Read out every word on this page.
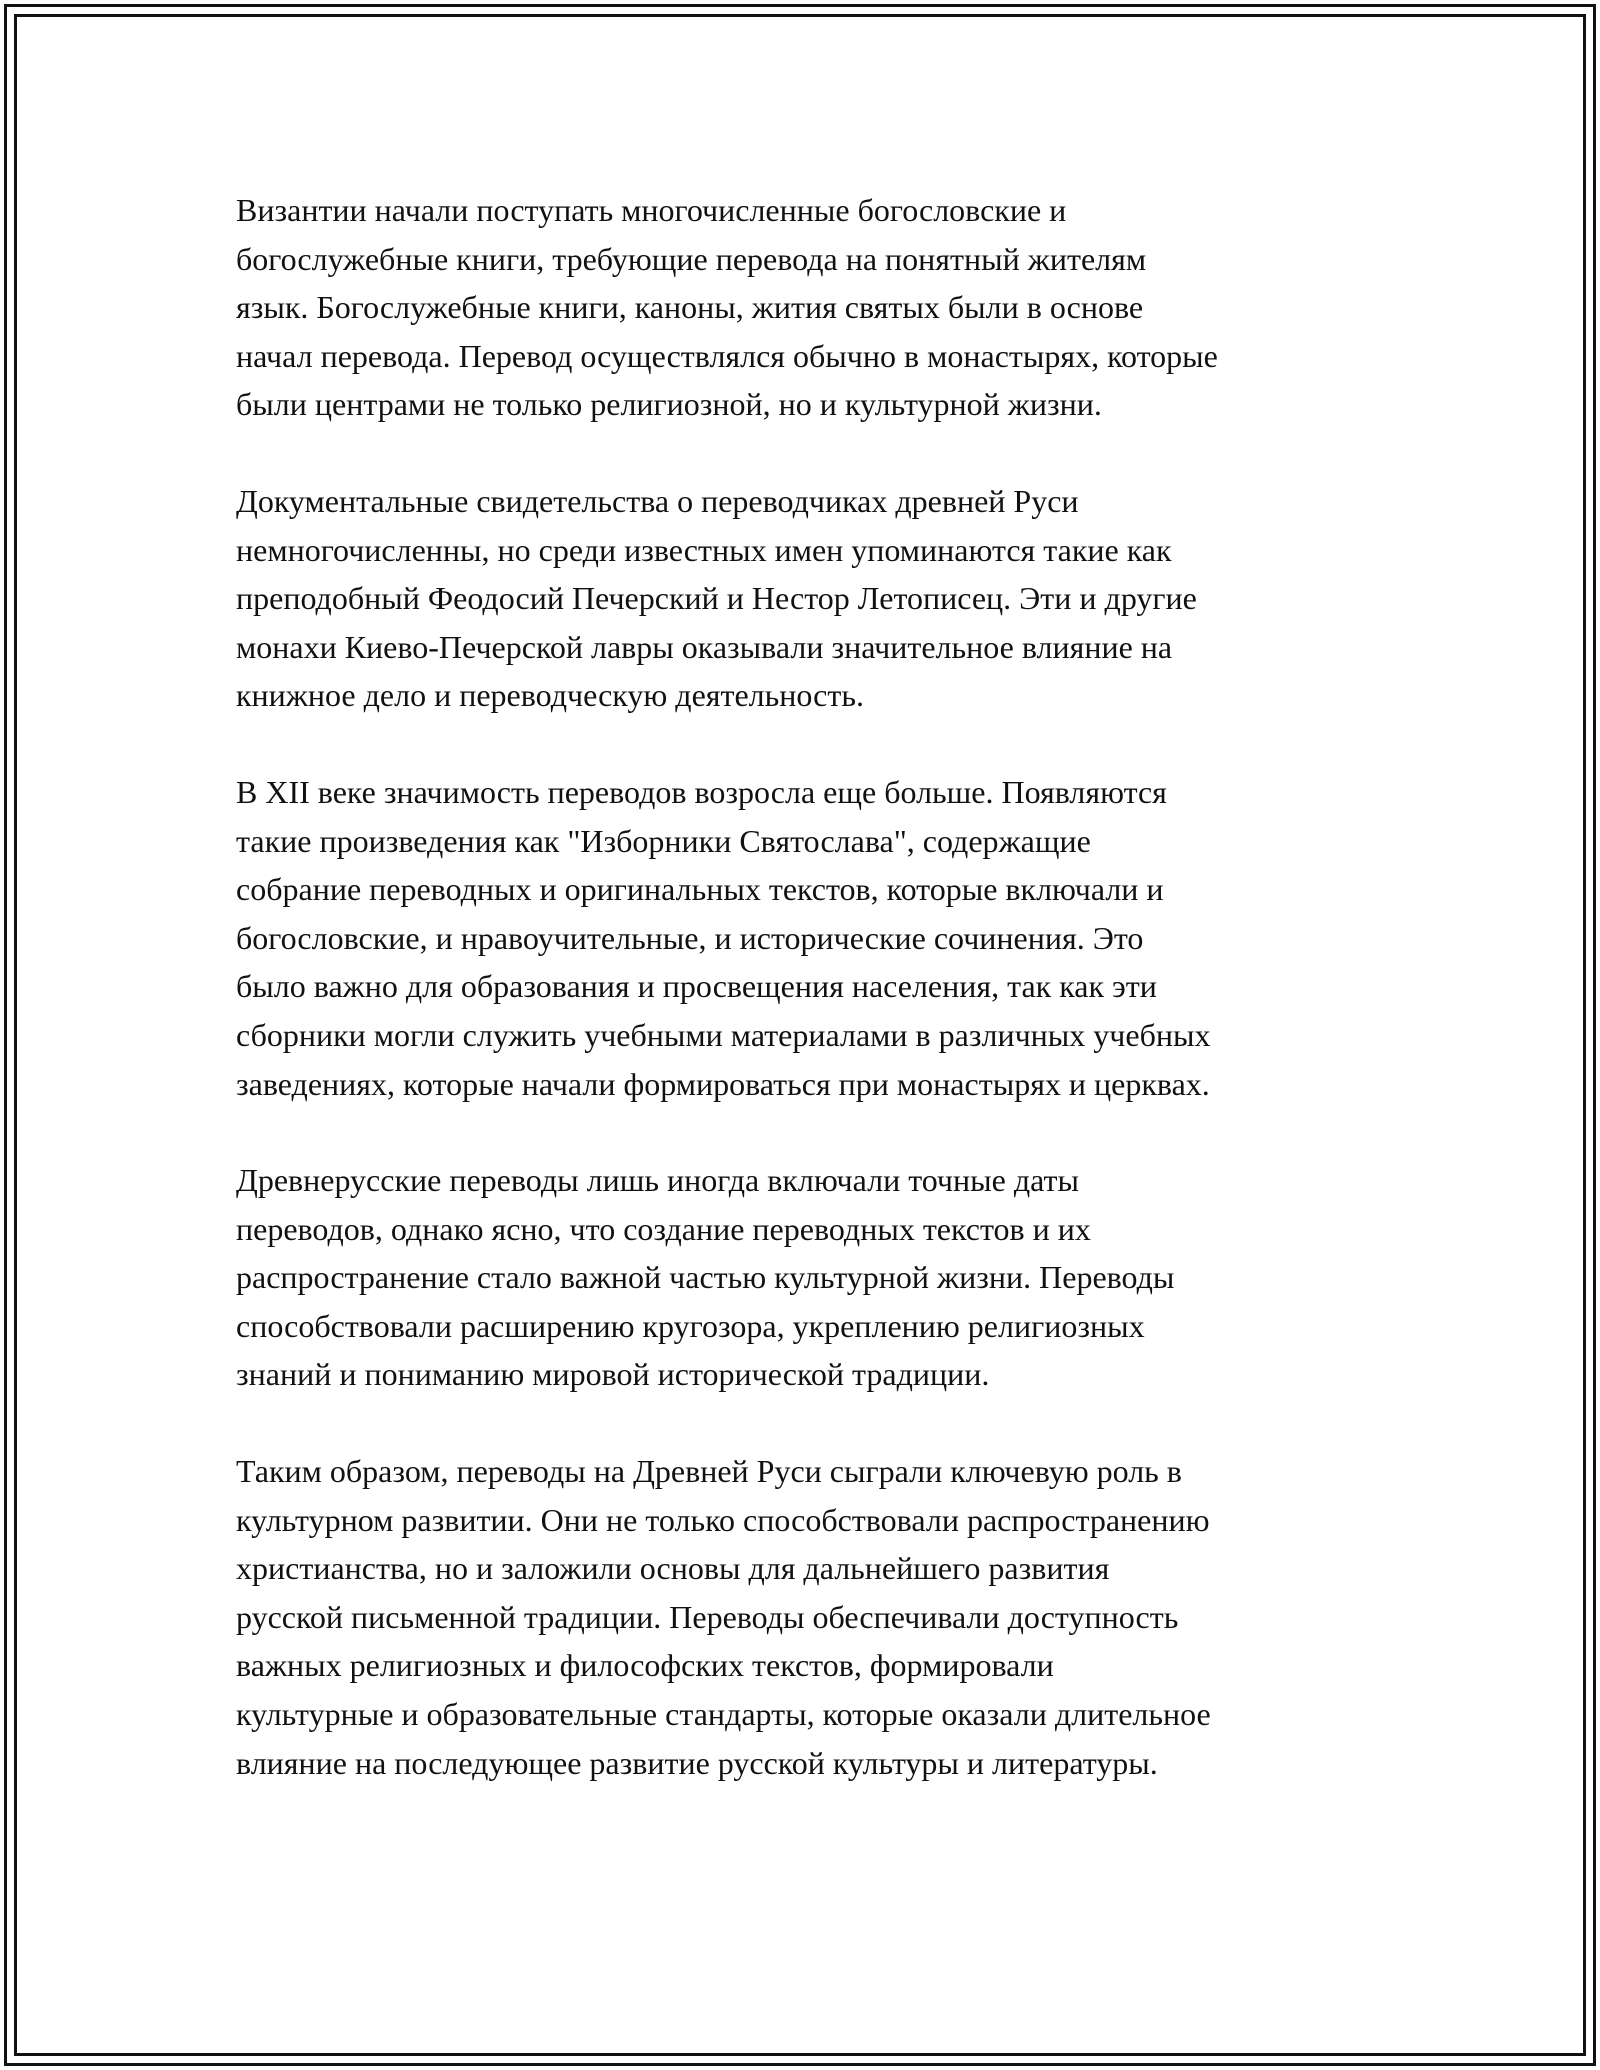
Византии начали поступать многочисленные богословские и
богослужебные книги, требующие перевода на понятный жителям
язык. Богослужебные книги, каноны, жития святых были в основе
начал перевода. Перевод осуществлялся обычно в монастырях, которые
были центрами не только религиозной, но и культурной жизни.

Документальные свидетельства о переводчиках древней Руси
немногочисленны, но среди известных имен упоминаются такие как
преподобный Феодосий Печерский и Нестор Летописец. Эти и другие
монахи Киево-Печерской лавры оказывали значительное влияние на
книжное дело и переводческую деятельность.

В XII веке значимость переводов возросла еще больше. Появляются
такие произведения как "Изборники Святослава", содержащие
собрание переводных и оригинальных текстов, которые включали и
богословские, и нравоучительные, и исторические сочинения. Это
было важно для образования и просвещения населения, так как эти
сборники могли служить учебными материалами в различных учебных
заведениях, которые начали формироваться при монастырях и церквах.

Древнерусские переводы лишь иногда включали точные даты
переводов, однако ясно, что создание переводных текстов и их
распространение стало важной частью культурной жизни. Переводы
способствовали расширению кругозора, укреплению религиозных
знаний и пониманию мировой исторической традиции.

Таким образом, переводы на Древней Руси сыграли ключевую роль в
культурном развитии. Они не только способствовали распространению
христианства, но и заложили основы для дальнейшего развития
русской письменной традиции. Переводы обеспечивали доступность
важных религиозных и философских текстов, формировали
культурные и образовательные стандарты, которые оказали длительное
влияние на последующее развитие русской культуры и литературы.
